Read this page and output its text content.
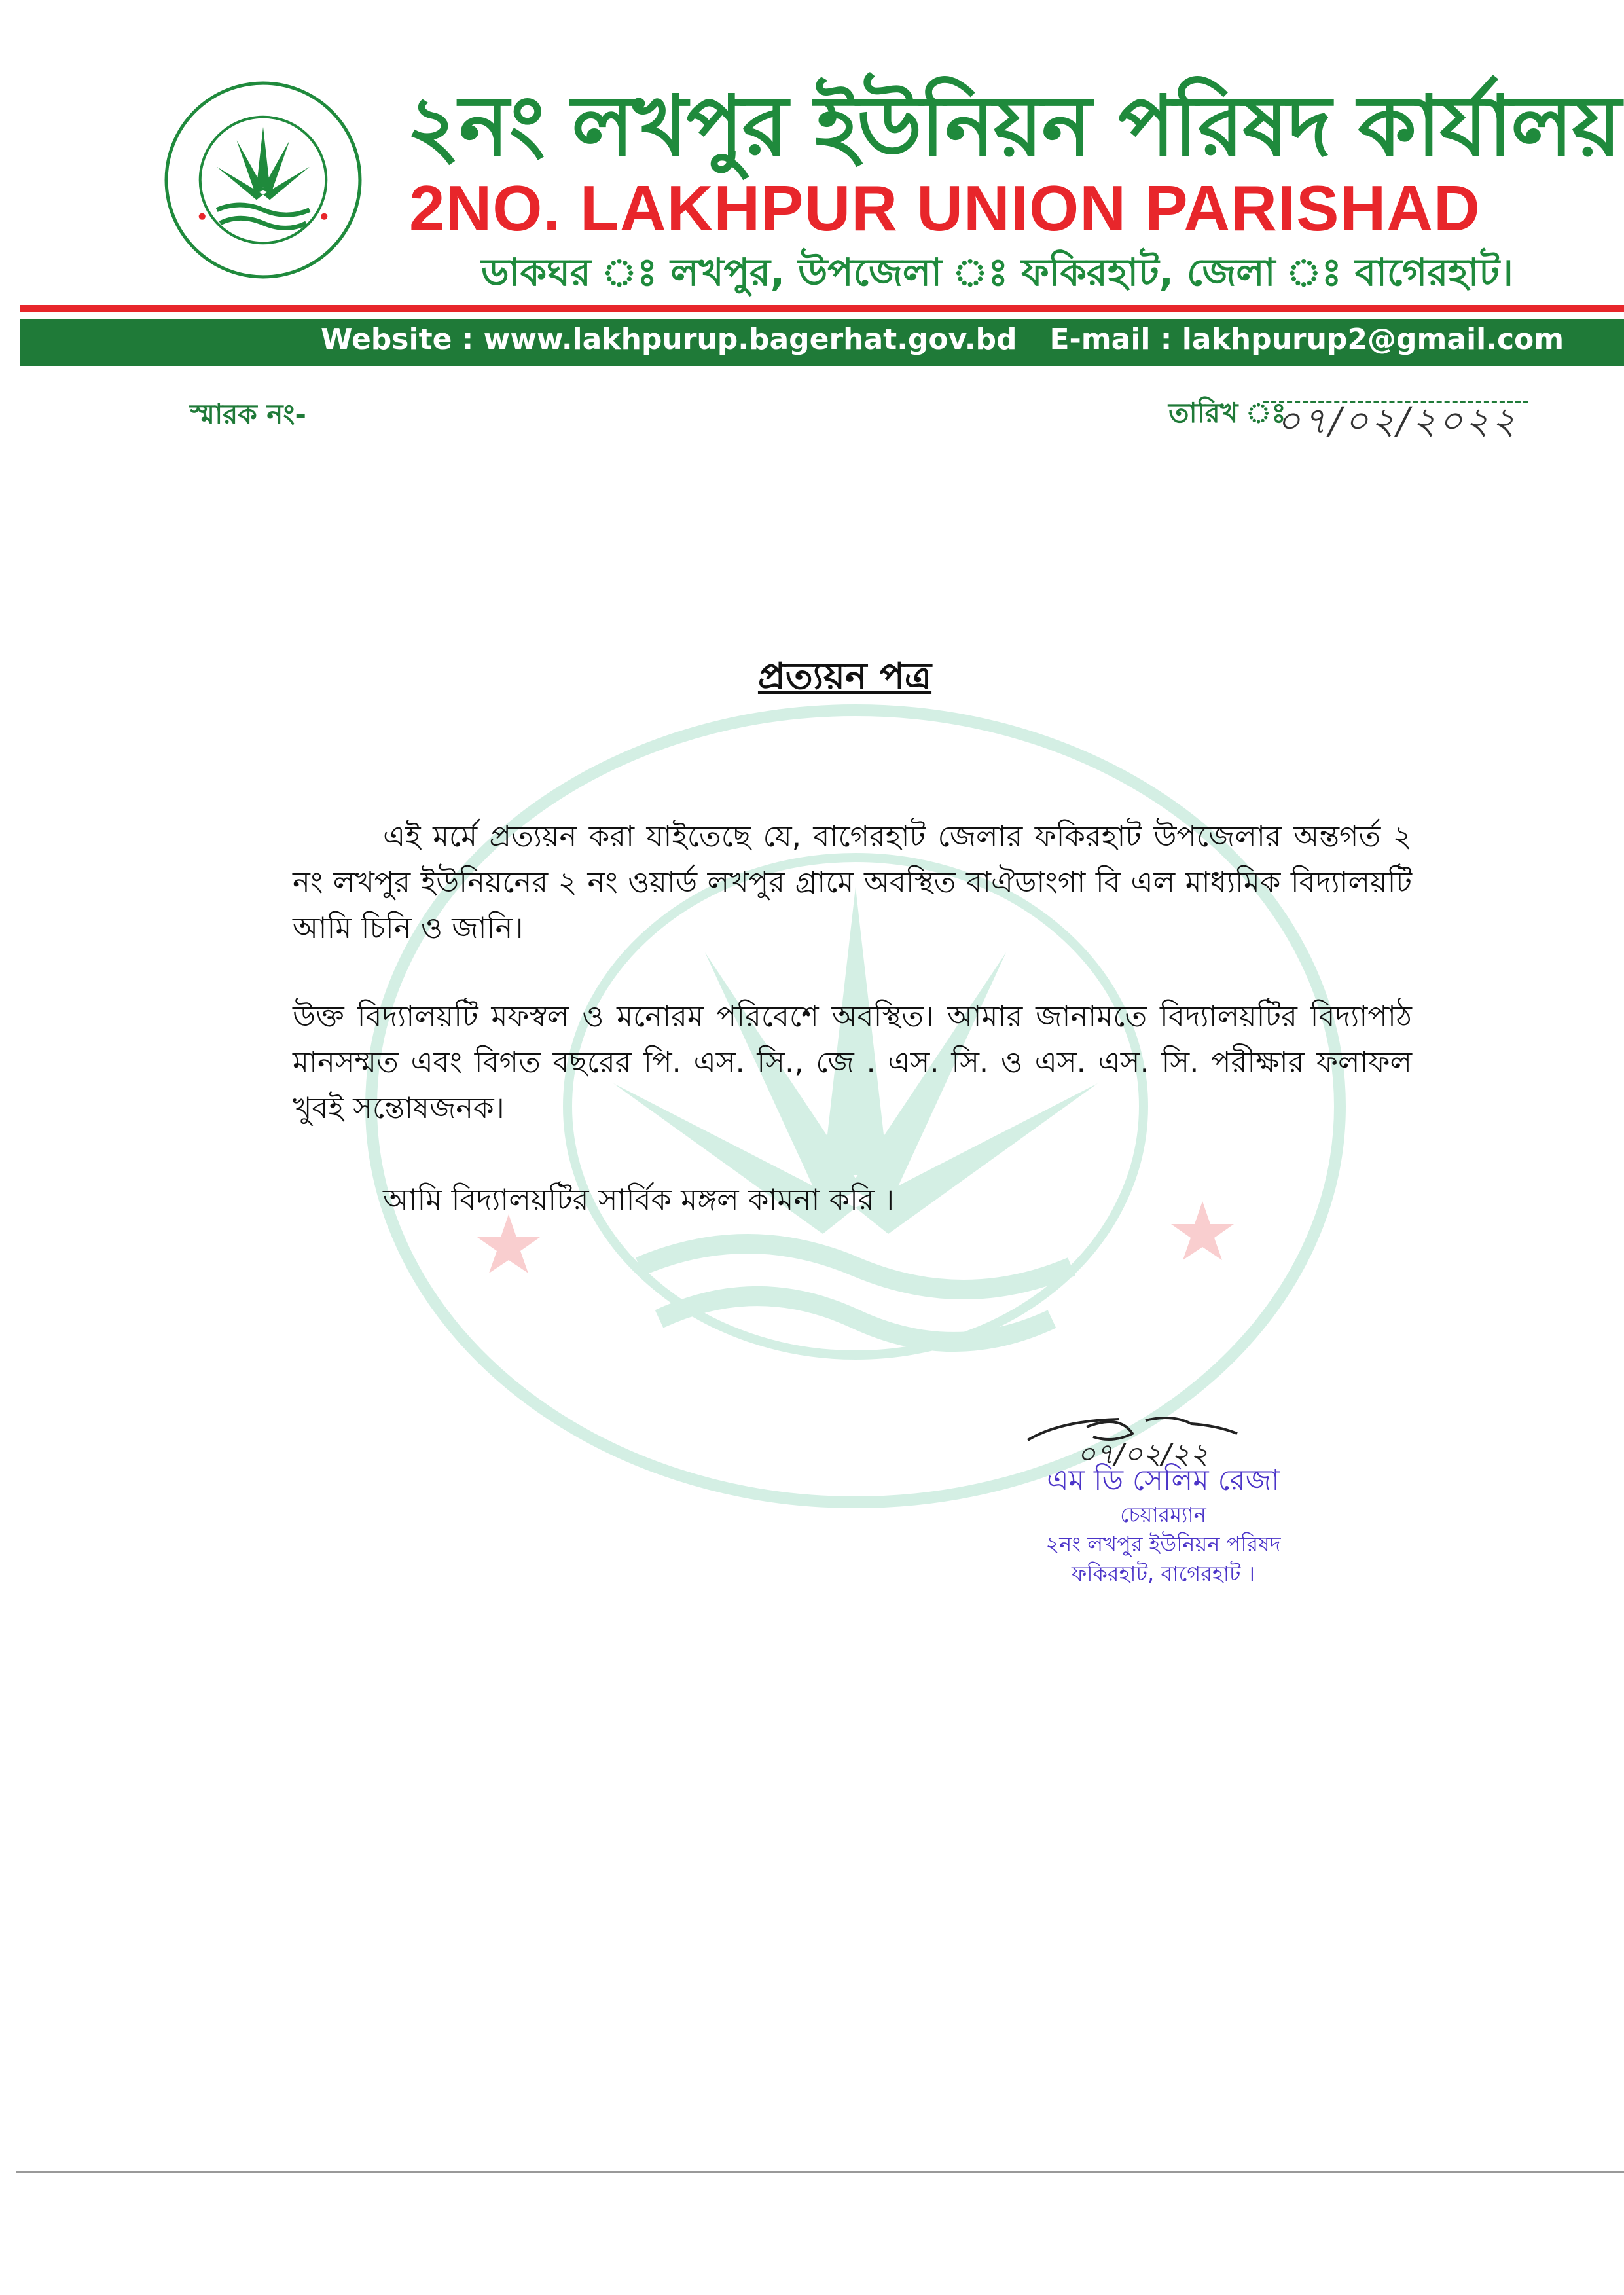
২নং লখপুর ইউনিয়ন পরিষদ কার্যালয়
2NO. LAKHPUR UNION PARISHAD
ডাকঘর ঃ লখপুর, উপজেলা ঃ ফকিরহাট, জেলা ঃ বাগেরহাট।
Website : www.lakhpurup.bagerhat.gov.bd E-mail : lakhpurup2@gmail.com
স্মারক নং-	তারিখ ঃ
০৭/০২/২০২২
প্রত্যয়ন পত্র
এই মর্মে প্রত্যয়ন করা যাইতেছে যে, বাগেরহাট জেলার ফকিরহাট উপজেলার অন্তগর্ত ২ নং লখপুর ইউনিয়নের ২ নং ওয়ার্ড লখপুর গ্রামে অবস্থিত বাঐডাংগা বি এল মাধ্যমিক বিদ্যালয়টি আমি চিনি ও জানি।
উক্ত বিদ্যালয়টি মফস্বল ও মনোরম পরিবেশে অবস্থিত। আমার জানামতে বিদ্যালয়টির বিদ্যাপাঠ মানসম্মত এবং বিগত বছরের পি. এস. সি., জে . এস. সি. ও এস. এস. সি. পরীক্ষার ফলাফল খুবই সন্তোষজনক।
আমি বিদ্যালয়টির সার্বিক মঙ্গল কামনা করি ।
০৭/০২/২২
এম ডি সেলিম রেজা
চেয়ারম্যান
২নং লখপুর ইউনিয়ন পরিষদ
ফকিরহাট, বাগেরহাট ।
